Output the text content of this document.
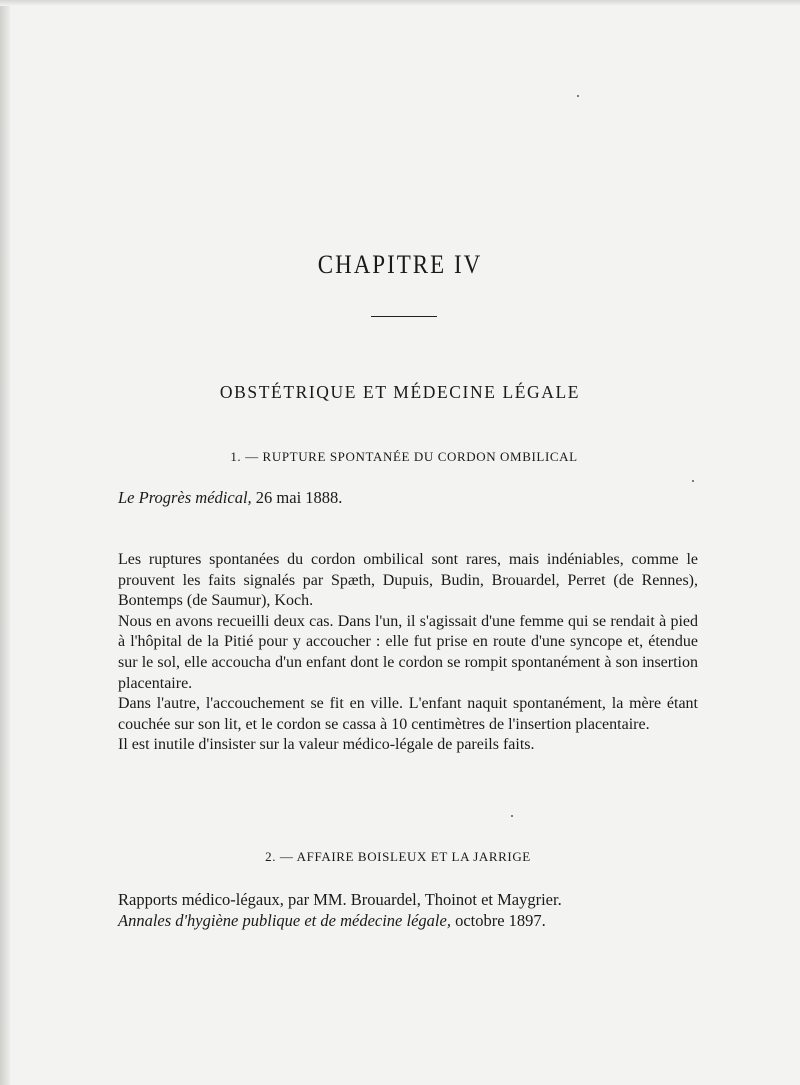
CHAPITRE IV
OBSTÉTRIQUE ET MÉDECINE LÉGALE
1. — RUPTURE SPONTANÉE DU CORDON OMBILICAL
Le Progrès médical, 26 mai 1888.

Les ruptures spontanées du cordon ombilical sont rares, mais indéniables, comme le prouvent les faits signalés par Spæth, Dupuis, Budin, Brouardel, Perret (de Rennes), Bontemps (de Saumur), Koch.

Nous en avons recueilli deux cas. Dans l'un, il s'agissait d'une femme qui se rendait à pied à l'hôpital de la Pitié pour y accoucher : elle fut prise en route d'une syncope et, étendue sur le sol, elle accoucha d'un enfant dont le cordon se rompit spontanément à son insertion placentaire.

Dans l'autre, l'accouchement se fit en ville. L'enfant naquit spontanément, la mère étant couchée sur son lit, et le cordon se cassa à 10 centimètres de l'insertion placentaire.

Il est inutile d'insister sur la valeur médico-légale de pareils faits.

2. — AFFAIRE BOISLEUX ET LA JARRIGE
Rapports médico-légaux, par MM. Brouardel, Thoinot et Maygrier.
Annales d'hygiène publique et de médecine légale, octobre 1897.
